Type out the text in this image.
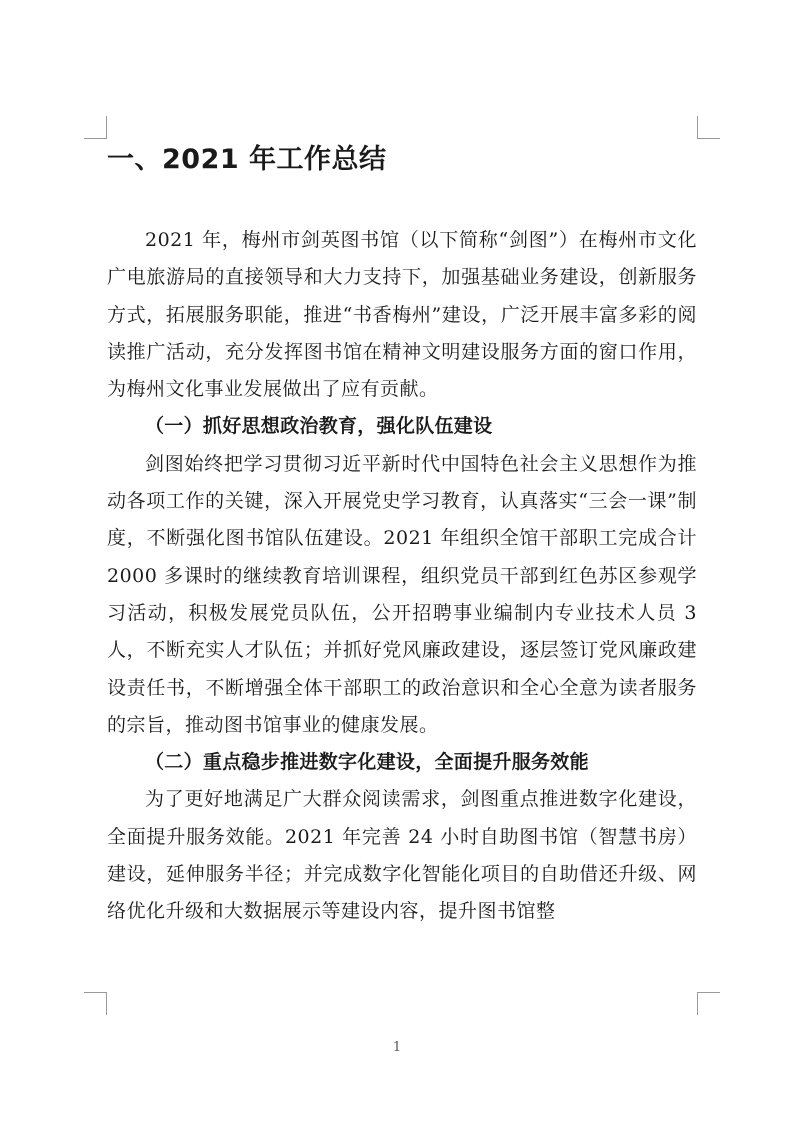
一、2021 年工作总结

2021 年，梅州市剑英图书馆（以下简称“剑图”）在梅州市文化广电旅游局的直接领导和大力支持下，加强基础业务建设，创新服务方式，拓展服务职能，推进“书香梅州”建设，广泛开展丰富多彩的阅读推广活动，充分发挥图书馆在精神文明建设服务方面的窗口作用，为梅州文化事业发展做出了应有贡献。

（一）抓好思想政治教育，强化队伍建设

剑图始终把学习贯彻习近平新时代中国特色社会主义思想作为推动各项工作的关键，深入开展党史学习教育，认真落实“三会一课”制度，不断强化图书馆队伍建设。2021 年组织全馆干部职工完成合计 2000 多课时的继续教育培训课程，组织党员干部到红色苏区参观学习活动，积极发展党员队伍，公开招聘事业编制内专业技术人员 3 人，不断充实人才队伍；并抓好党风廉政建设，逐层签订党风廉政建设责任书，不断增强全体干部职工的政治意识和全心全意为读者服务的宗旨，推动图书馆事业的健康发展。

（二）重点稳步推进数字化建设，全面提升服务效能

为了更好地满足广大群众阅读需求，剑图重点推进数字化建设，全面提升服务效能。2021 年完善 24 小时自助图书馆（智慧书房）建设，延伸服务半径；并完成数字化智能化项目的自助借还升级、网络优化升级和大数据展示等建设内容，提升图书馆整

1
